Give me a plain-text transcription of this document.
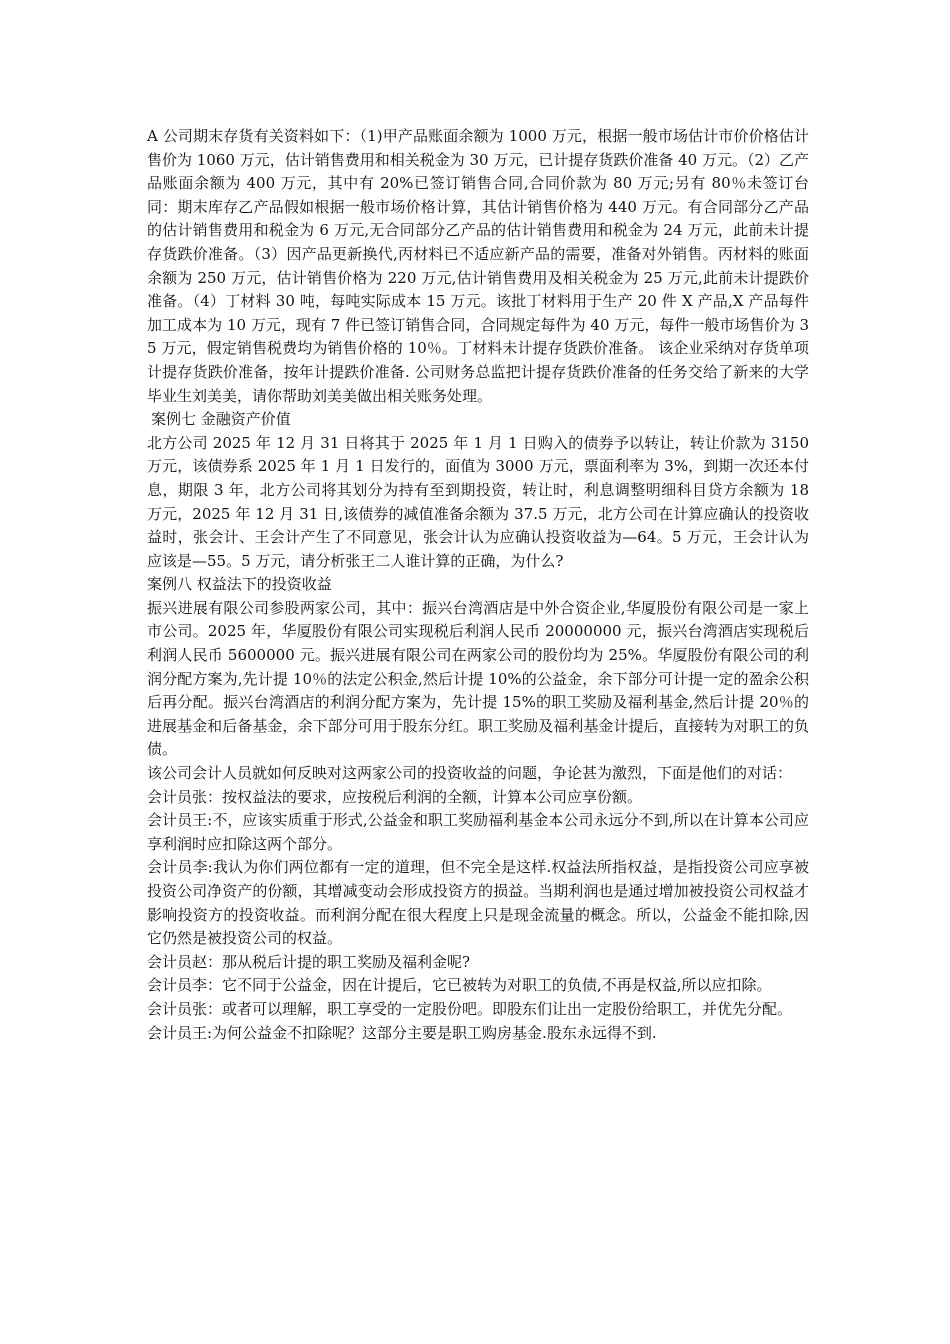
A 公司期末存货有关资料如下：（1)甲产品账面余额为 1000 万元，根据一般市场估计市价价格估计售价为 1060 万元，估计销售费用和相关税金为 30 万元，已计提存货跌价准备 40 万元。（2）乙产品账面余额为 400 万元，其中有 20%已签订销售合同,合同价款为 80 万元;另有 80％未签订台同：期末库存乙产品假如根据一般市场价格计算，其估计销售价格为 440 万元。有合同部分乙产品的估计销售费用和税金为 6 万元,无合同部分乙产品的估计销售费用和税金为 24 万元，此前未计提存货跌价准备。（3）因产品更新换代,丙材料已不适应新产品的需要，准备对外销售。丙材料的账面余额为 250 万元，估计销售价格为 220 万元,估计销售费用及相关税金为 25 万元,此前未计提跌价准备。（4）丁材料 30 吨，每吨实际成本 15 万元。该批丁材料用于生产 20 件 X 产品,X 产品每件加工成本为 10 万元，现有 7 件已签订销售合同，合同规定每件为 40 万元，每件一般市场售价为 35 万元，假定销售税费均为销售价格的 10％。丁材料未计提存货跌价准备。 该企业采纳对存货单项计提存货跌价准备，按年计提跌价准备. 公司财务总监把计提存货跌价准备的任务交给了新来的大学毕业生刘美美，请你帮助刘美美做出相关账务处理。

案例七 金融资产价值

北方公司 2025 年 12 月 31 日将其于 2025 年 1 月 1 日购入的债券予以转让，转让价款为 3150 万元，该债券系 2025 年 1 月 1 日发行的，面值为 3000 万元，票面利率为 3%，到期一次还本付息，期限 3 年，北方公司将其划分为持有至到期投资，转让时，利息调整明细科目贷方余额为 18 万元，2025 年 12 月 31 日,该债券的减值准备余额为 37.5 万元，北方公司在计算应确认的投资收益时，张会计、王会计产生了不同意见，张会计认为应确认投资收益为—64。5 万元，王会计认为应该是—55。5 万元，请分析张王二人谁计算的正确，为什么?

案例八 权益法下的投资收益

振兴进展有限公司参股两家公司，其中：振兴台湾酒店是中外合资企业,华厦股份有限公司是一家上市公司。2025 年，华厦股份有限公司实现税后利润人民币 20000000 元，振兴台湾酒店实现税后利润人民币 5600000 元。振兴进展有限公司在两家公司的股份均为 25%。华厦股份有限公司的利润分配方案为,先计提 10％的法定公积金,然后计提 10%的公益金，余下部分可计提一定的盈余公积后再分配。振兴台湾酒店的利润分配方案为，先计提 15%的职工奖励及福利基金,然后计提 20％的进展基金和后备基金，余下部分可用于股东分红。职工奖励及福利基金计提后，直接转为对职工的负债。

该公司会计人员就如何反映对这两家公司的投资收益的问题，争论甚为激烈，下面是他们的对话：

会计员张：按权益法的要求，应按税后利润的全额，计算本公司应享份额。

会计员王:不，应该实质重于形式,公益金和职工奖励福利基金本公司永远分不到,所以在计算本公司应享利润时应扣除这两个部分。

会计员李:我认为你们两位都有一定的道理，但不完全是这样.权益法所指权益，是指投资公司应享被投资公司净资产的份额，其增减变动会形成投资方的损益。当期利润也是通过增加被投资公司权益才影响投资方的投资收益。而利润分配在很大程度上只是现金流量的概念。所以，公益金不能扣除,因它仍然是被投资公司的权益。

会计员赵：那从税后计提的职工奖励及福利金呢?

会计员李：它不同于公益金，因在计提后，它已被转为对职工的负债,不再是权益,所以应扣除。

会计员张：或者可以理解，职工享受的一定股份吧。即股东们让出一定股份给职工，并优先分配。

会计员王:为何公益金不扣除呢？这部分主要是职工购房基金.股东永远得不到.
